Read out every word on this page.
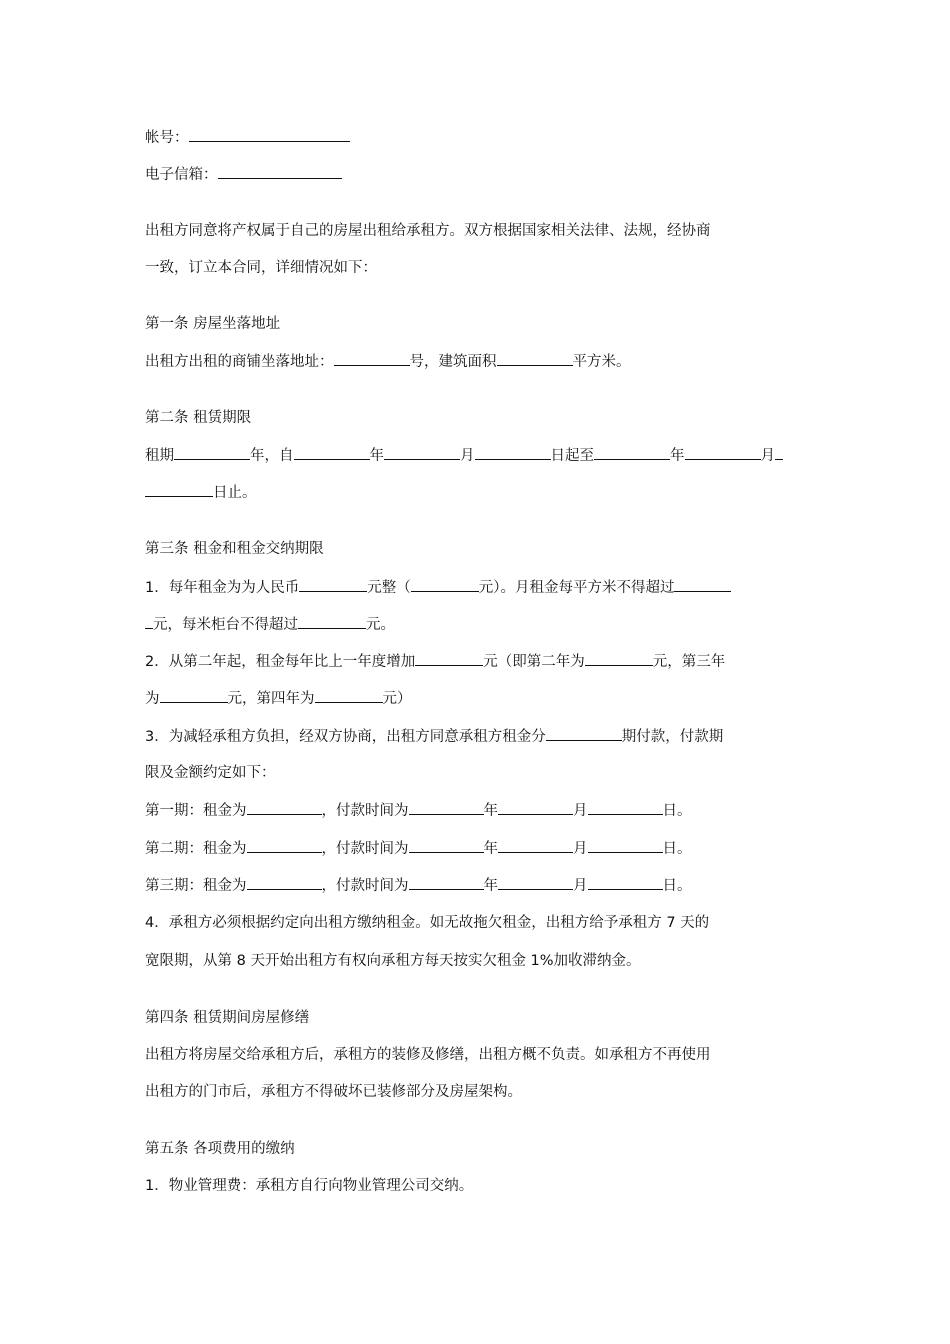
帐号：
电子信箱：
出租方同意将产权属于自己的房屋出租给承租方。双方根据国家相关法律、法规，经协商
一致，订立本合同，详细情况如下：
第一条 房屋坐落地址
出租方出租的商铺坐落地址：	号，建筑面积	平方米。
第二条 租赁期限
租期	年，自	年	月	日起至	年	月
日止。
第三条 租金和租金交纳期限
1．每年租金为为人民币	元整（	元）。月租金每平方米不得超过
元，每米柜台不得超过	元。
2．从第二年起，租金每年比上一年度增加	元（即第二年为	元，第三年
为	元，第四年为	元）
3．为减轻承租方负担，经双方协商，出租方同意承租方租金分	期付款，付款期
限及金额约定如下：
第一期：租金为	，付款时间为	年	月	日。
第二期：租金为	，付款时间为	年	月	日。
第三期：租金为	，付款时间为	年	月	日。
4．承租方必须根据约定向出租方缴纳租金。如无故拖欠租金，出租方给予承租方 7 天的
宽限期，从第 8 天开始出租方有权向承租方每天按实欠租金 1%加收滞纳金。
第四条 租赁期间房屋修缮
出租方将房屋交给承租方后，承租方的装修及修缮，出租方概不负责。如承租方不再使用
出租方的门市后，承租方不得破坏已装修部分及房屋架构。
第五条 各项费用的缴纳
1．物业管理费：承租方自行向物业管理公司交纳。
